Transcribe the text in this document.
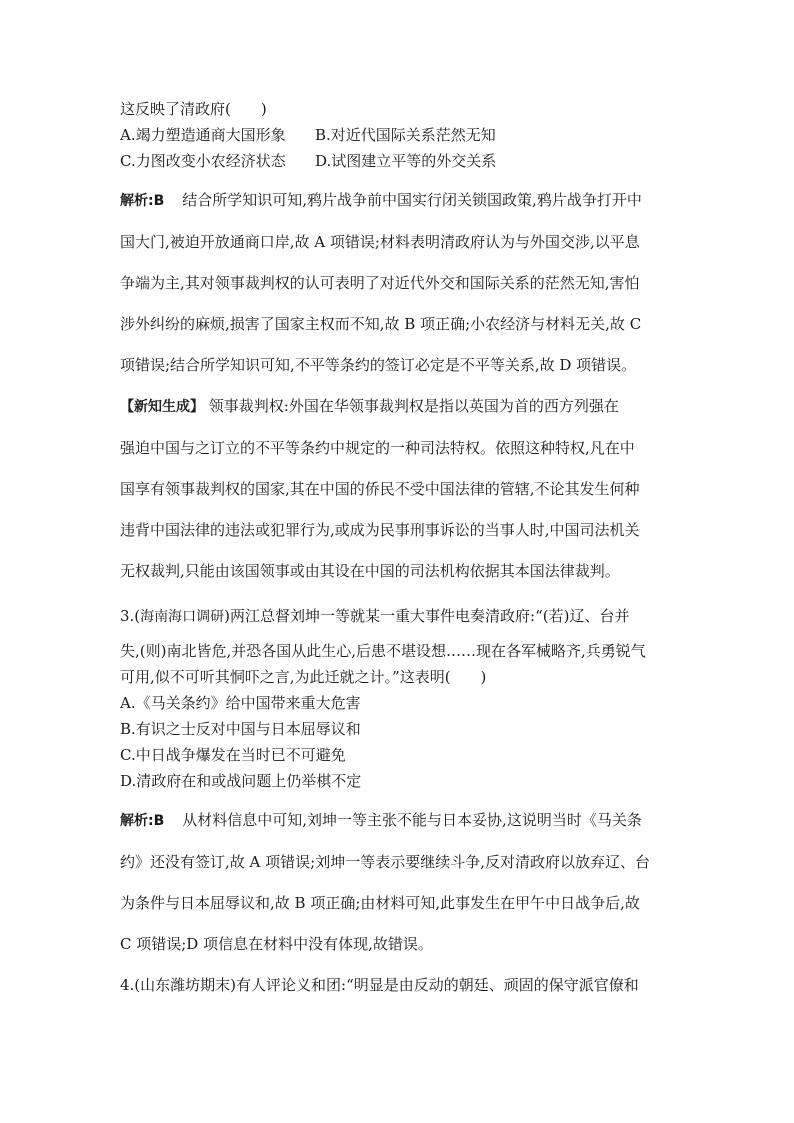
这反映了清政府(　　)
A.竭力塑造通商大国形象	B.对近代国际关系茫然无知
C.力图改变小农经济状态	D.试图建立平等的外交关系
解析:B 结合所学知识可知,鸦片战争前中国实行闭关锁国政策,鸦片战争打开中
国大门,被迫开放通商口岸,故 A 项错误;材料表明清政府认为与外国交涉,以平息
争端为主,其对领事裁判权的认可表明了对近代外交和国际关系的茫然无知,害怕
涉外纠纷的麻烦,损害了国家主权而不知,故 B 项正确;小农经济与材料无关,故 C
项错误;结合所学知识可知,不平等条约的签订必定是不平等关系,故 D 项错误。
【新知生成】 领事裁判权:外国在华领事裁判权是指以英国为首的西方列强在
强迫中国与之订立的不平等条约中规定的一种司法特权。依照这种特权,凡在中
国享有领事裁判权的国家,其在中国的侨民不受中国法律的管辖,不论其发生何种
违背中国法律的违法或犯罪行为,或成为民事刑事诉讼的当事人时,中国司法机关
无权裁判,只能由该国领事或由其设在中国的司法机构依据其本国法律裁判。
3.(海南海口调研)两江总督刘坤一等就某一重大事件电奏清政府:“(若)辽、台并
失,(则)南北皆危,并恐各国从此生心,后患不堪设想……现在各军械略齐,兵勇锐气
可用,似不可听其恫吓之言,为此迁就之计。”这表明(　　)
A.《马关条约》给中国带来重大危害
B.有识之士反对中国与日本屈辱议和
C.中日战争爆发在当时已不可避免
D.清政府在和或战问题上仍举棋不定
解析:B 从材料信息中可知,刘坤一等主张不能与日本妥协,这说明当时《马关条
约》还没有签订,故 A 项错误;刘坤一等表示要继续斗争,反对清政府以放弃辽、台
为条件与日本屈辱议和,故 B 项正确;由材料可知,此事发生在甲午中日战争后,故
C 项错误;D 项信息在材料中没有体现,故错误。
4.(山东潍坊期末)有人评论义和团:“明显是由反动的朝廷、顽固的保守派官僚和
